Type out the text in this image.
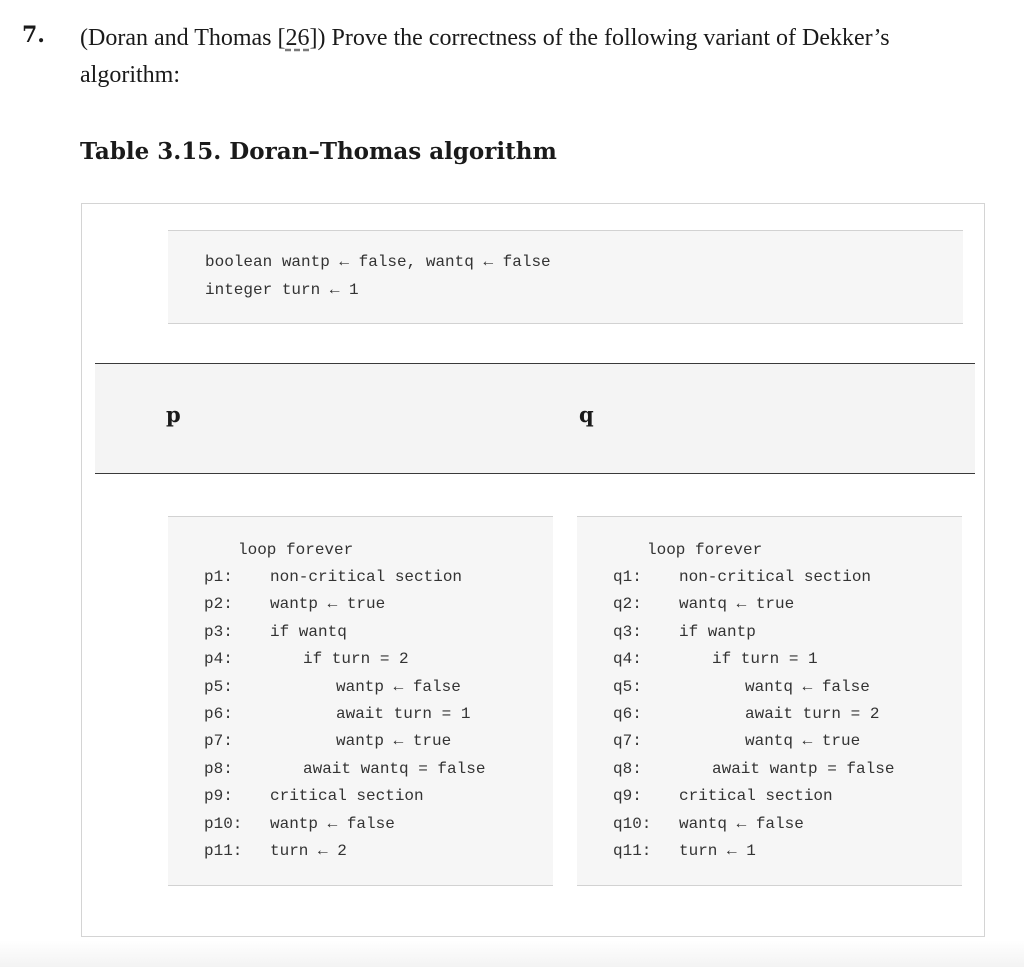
7. (Doran and Thomas [26]) Prove the correctness of the following variant of Dekker’s algorithm:
Table 3.15. Doran–Thomas algorithm
boolean wantp ← false, wantq ← false
integer turn ← 1
p	q
loop forever
p1: non-critical section
p2: wantp ← true
p3: if wantq
p4:	if turn = 2
p5:	wantp ← false
p6:	await turn = 1
p7:	wantp ← true
p8:	await wantq = false
p9: critical section
p10: wantp ← false
p11: turn ← 2
loop forever
q1: non-critical section
q2: wantq ← true
q3: if wantp
q4:	if turn = 1
q5:	wantq ← false
q6:	await turn = 2
q7:	wantq ← true
q8:	await wantp = false
q9: critical section
q10: wantq ← false
q11: turn ← 1
